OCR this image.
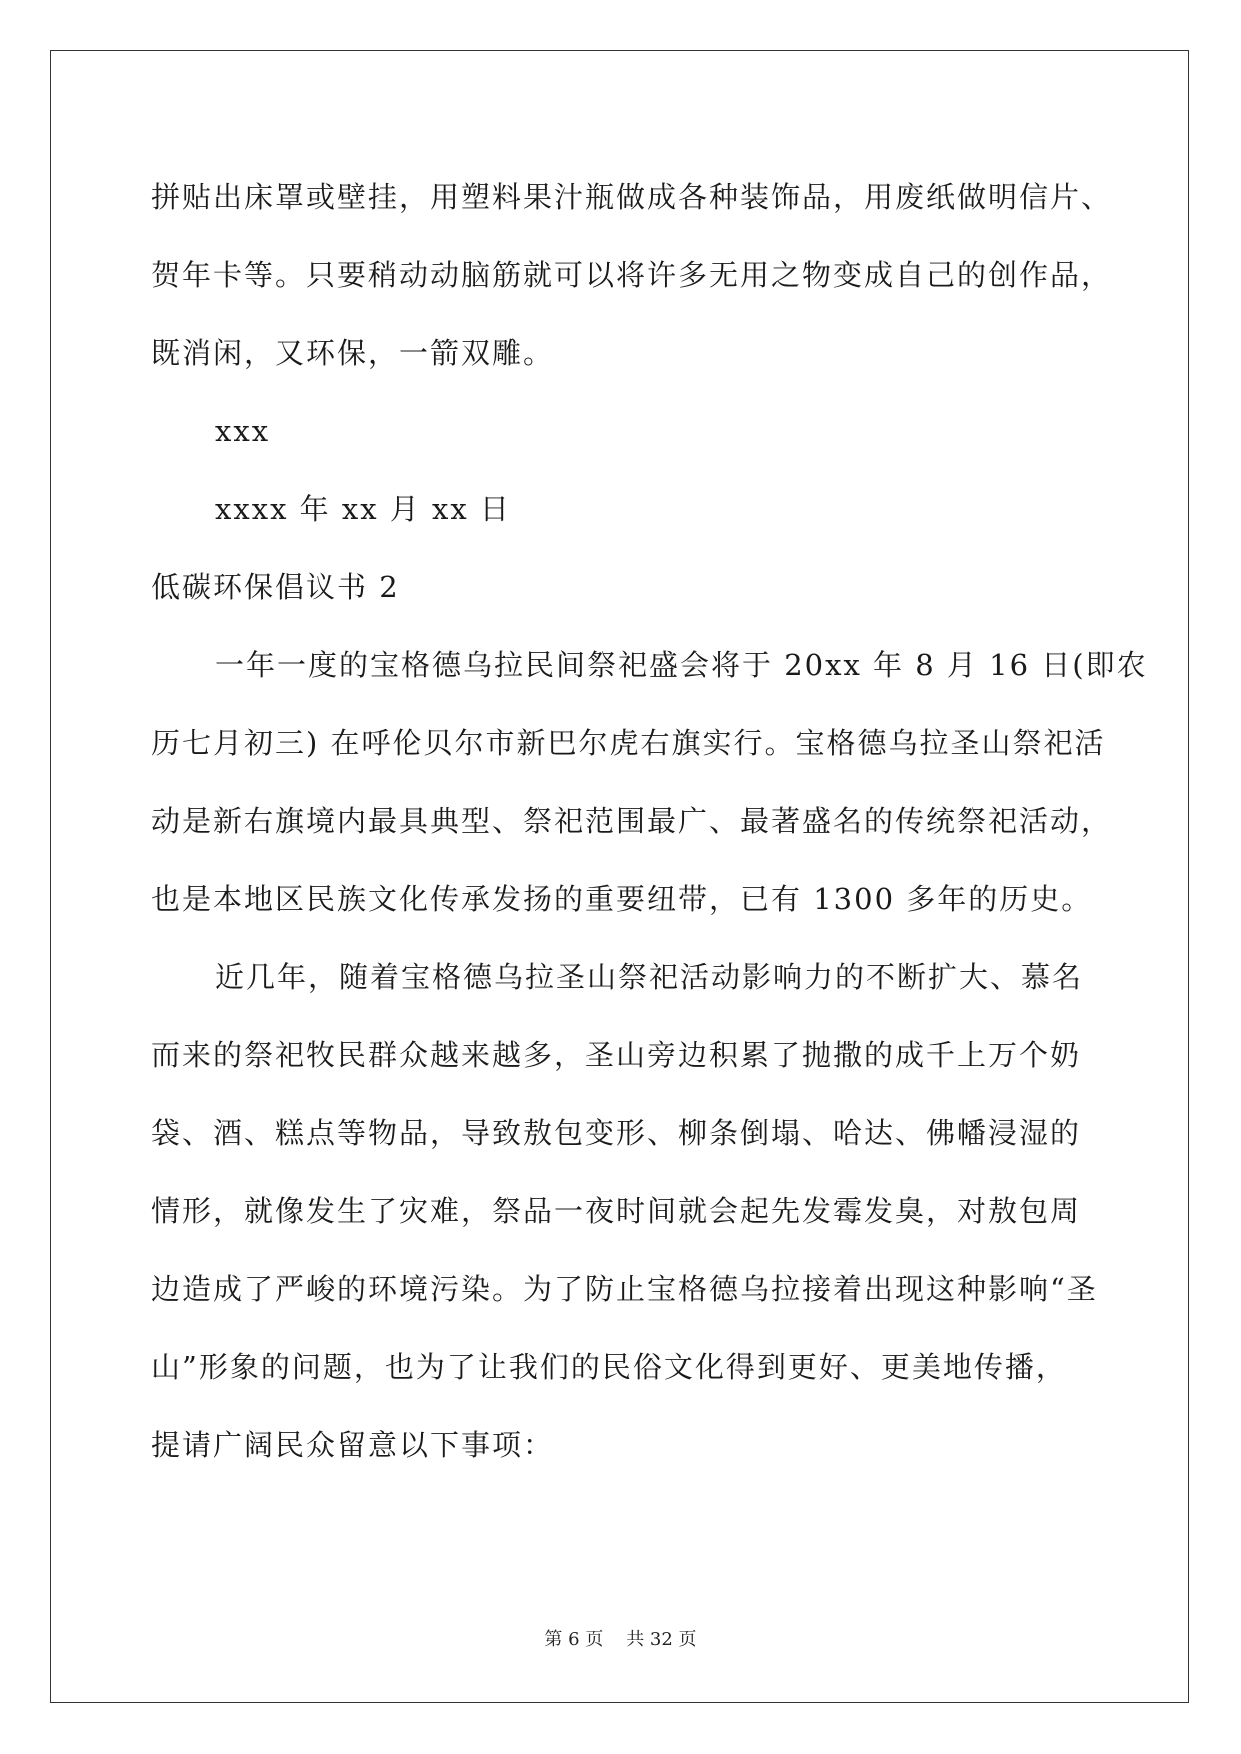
拼贴出床罩或壁挂，用塑料果汁瓶做成各种装饰品，用废纸做明信片、
贺年卡等。只要稍动动脑筋就可以将许多无用之物变成自己的创作品，
既消闲，又环保，一箭双雕。
xxx
xxxx 年 xx 月 xx 日
低碳环保倡议书 2
一年一度的宝格德乌拉民间祭祀盛会将于 20xx 年 8 月 16 日(即农
历七月初三) 在呼伦贝尔市新巴尔虎右旗实行。宝格德乌拉圣山祭祀活
动是新右旗境内最具典型、祭祀范围最广、最著盛名的传统祭祀活动，
也是本地区民族文化传承发扬的重要纽带，已有 1300 多年的历史。
近几年，随着宝格德乌拉圣山祭祀活动影响力的不断扩大、慕名
而来的祭祀牧民群众越来越多，圣山旁边积累了抛撒的成千上万个奶
袋、酒、糕点等物品，导致敖包变形、柳条倒塌、哈达、佛幡浸湿的
情形，就像发生了灾难，祭品一夜时间就会起先发霉发臭，对敖包周
边造成了严峻的环境污染。为了防止宝格德乌拉接着出现这种影响“圣
山”形象的问题，也为了让我们的民俗文化得到更好、更美地传播，
提请广阔民众留意以下事项：
第 6 页    共 32 页
